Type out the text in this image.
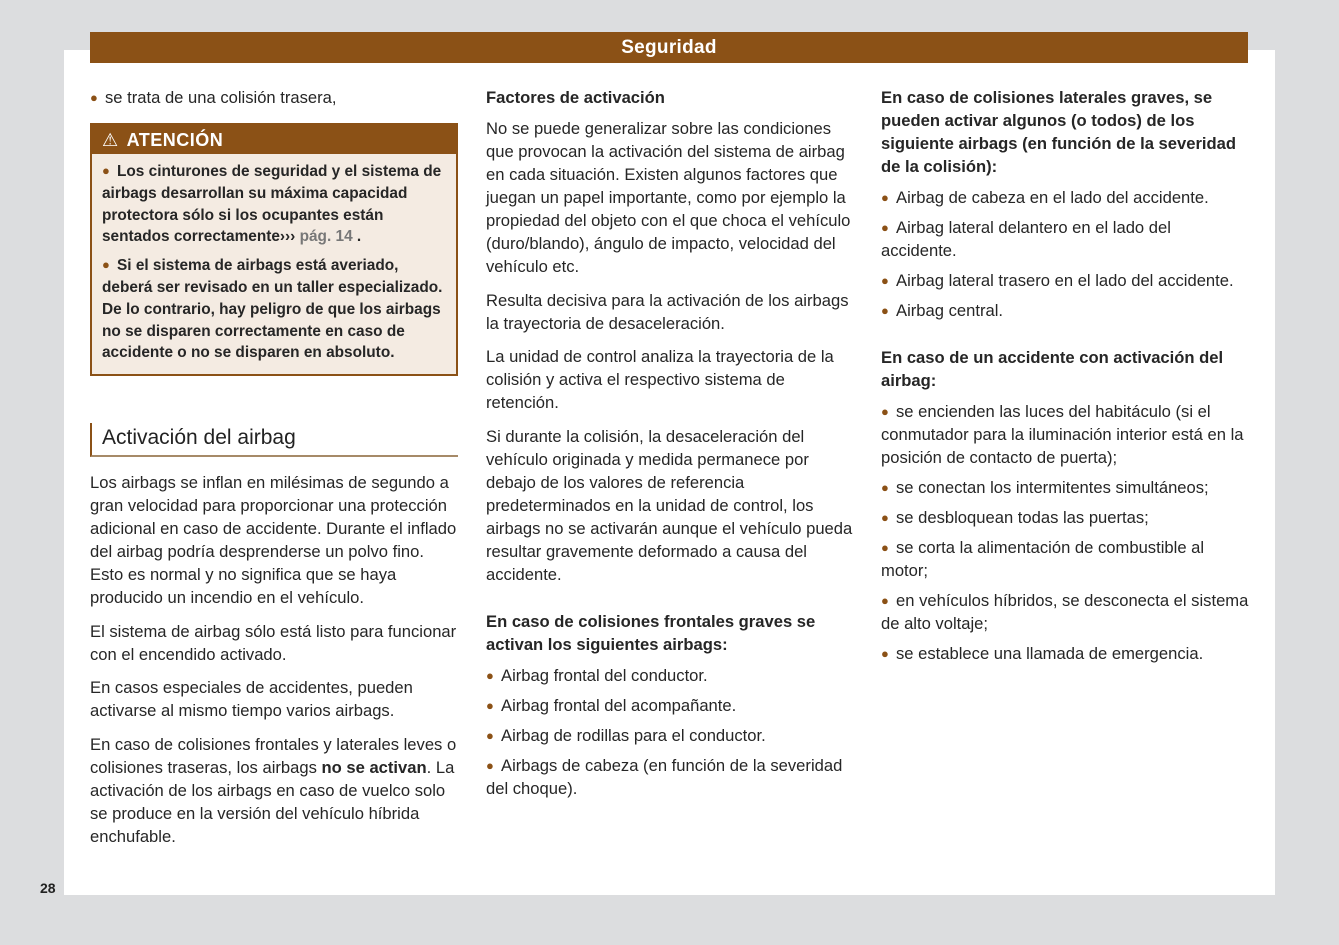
Seguridad

● se trata de una colisión trasera,

⚠ ATENCIÓN

● Los cinturones de seguridad y el sistema de airbags desarrollan su máxima capacidad protectora sólo si los ocupantes están sentados correctamente››› pág. 14 .

● Si el sistema de airbags está averiado, deberá ser revisado en un taller especializado. De lo contrario, hay peligro de que los airbags no se disparen correctamente en caso de accidente o no se disparen en absoluto.

Activación del airbag

Los airbags se inflan en milésimas de segundo a gran velocidad para proporcionar una protección adicional en caso de accidente. Durante el inflado del airbag podría desprenderse un polvo fino. Esto es normal y no significa que se haya producido un incendio en el vehículo.

El sistema de airbag sólo está listo para funcionar con el encendido activado.

En casos especiales de accidentes, pueden activarse al mismo tiempo varios airbags.

En caso de colisiones frontales y laterales leves o colisiones traseras, los airbags no se activan. La activación de los airbags en caso de vuelco solo se produce en la versión del vehículo híbrida enchufable.

Factores de activación

No se puede generalizar sobre las condiciones que provocan la activación del sistema de airbag en cada situación. Existen algunos factores que juegan un papel importante, como por ejemplo la propiedad del objeto con el que choca el vehículo (duro/blando), ángulo de impacto, velocidad del vehículo etc.

Resulta decisiva para la activación de los airbags la trayectoria de desaceleración.

La unidad de control analiza la trayectoria de la colisión y activa el respectivo sistema de retención.

Si durante la colisión, la desaceleración del vehículo originada y medida permanece por debajo de los valores de referencia predeterminados en la unidad de control, los airbags no se activarán aunque el vehículo pueda resultar gravemente deformado a causa del accidente.

En caso de colisiones frontales graves se activan los siguientes airbags:

● Airbag frontal del conductor.

● Airbag frontal del acompañante.

● Airbag de rodillas para el conductor.

● Airbags de cabeza (en función de la severidad del choque).

En caso de colisiones laterales graves, se pueden activar algunos (o todos) de los siguiente airbags (en función de la severidad de la colisión):

● Airbag de cabeza en el lado del accidente.

● Airbag lateral delantero en el lado del accidente.

● Airbag lateral trasero en el lado del accidente.

● Airbag central.

En caso de un accidente con activación del airbag:

● se encienden las luces del habitáculo (si el conmutador para la iluminación interior está en la posición de contacto de puerta);

● se conectan los intermitentes simultáneos;

● se desbloquean todas las puertas;

● se corta la alimentación de combustible al motor;

● en vehículos híbridos, se desconecta el sistema de alto voltaje;

● se establece una llamada de emergencia.

28
